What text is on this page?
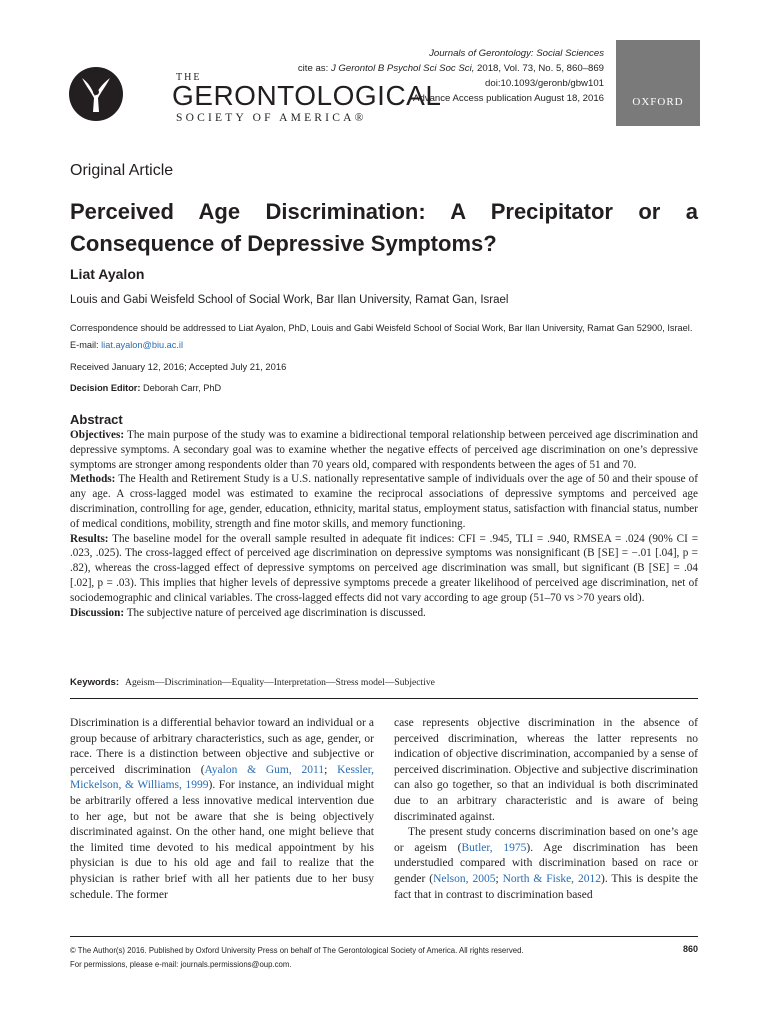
THE
GERONTOLOGICAL
SOCIETY OF AMERICA®
Journals of Gerontology: Social Sciences
cite as: J Gerontol B Psychol Sci Soc Sci, 2018, Vol. 73, No. 5, 860–869
doi:10.1093/geronb/gbw101
Advance Access publication August 18, 2016	OXFORD
Original Article
Perceived Age Discrimination: A Precipitator or a Consequence of Depressive Symptoms?
Liat Ayalon
Louis and Gabi Weisfeld School of Social Work, Bar Ilan University, Ramat Gan, Israel
Correspondence should be addressed to Liat Ayalon, PhD, Louis and Gabi Weisfeld School of Social Work, Bar Ilan University, Ramat Gan 52900, Israel. E-mail: liat.ayalon@biu.ac.il
Received January 12, 2016; Accepted July 21, 2016
Decision Editor: Deborah Carr, PhD
Abstract

Objectives: The main purpose of the study was to examine a bidirectional temporal relationship between perceived age discrimination and depressive symptoms. A secondary goal was to examine whether the negative effects of perceived age discrimination on one’s depressive symptoms are stronger among respondents older than 70 years old, compared with respondents between the ages of 51 and 70.

Methods: The Health and Retirement Study is a U.S. nationally representative sample of individuals over the age of 50 and their spouse of any age. A cross-lagged model was estimated to examine the reciprocal associations of depressive symptoms and perceived age discrimination, controlling for age, gender, education, ethnicity, marital status, employment status, satisfaction with financial status, number of medical conditions, mobility, strength and fine motor skills, and memory functioning.

Results: The baseline model for the overall sample resulted in adequate fit indices: CFI = .945, TLI = .940, RMSEA = .024 (90% CI = .023, .025). The cross-lagged effect of perceived age discrimination on depressive symptoms was nonsignificant (B [SE] = −.01 [.04], p = .82), whereas the cross-lagged effect of depressive symptoms on perceived age discrimination was small, but significant (B [SE] = .04 [.02], p = .03). This implies that higher levels of depressive symptoms precede a greater likelihood of perceived age discrimination, net of sociodemographic and clinical variables. The cross-lagged effects did not vary according to age group (51–70 vs >70 years old).

Discussion: The subjective nature of perceived age discrimination is discussed.

Keywords: Ageism—Discrimination—Equality—Interpretation—Stress model—Subjective

Discrimination is a differential behavior toward an individual or a group because of arbitrary characteristics, such as age, gender, or race. There is a distinction between objective and subjective or perceived discrimination (Ayalon & Gum, 2011; Kessler, Mickelson, & Williams, 1999). For instance, an individual might be arbitrarily offered a less innovative medical intervention due to her age, but not be aware that she is being objectively discriminated against. On the other hand, one might believe that the limited time devoted to his medical appointment by his physician is due to his old age and fail to realize that the physician is rather brief with all her patients due to her busy schedule. The former

case represents objective discrimination in the absence of perceived discrimination, whereas the latter represents no indication of objective discrimination, accompanied by a sense of perceived discrimination. Objective and subjective discrimination can also go together, so that an individual is both discriminated due to an arbitrary characteristic and is aware of being discriminated against.

The present study concerns discrimination based on one’s age or ageism (Butler, 1975). Age discrimination has been understudied compared with discrimination based on race or gender (Nelson, 2005; North & Fiske, 2012). This is despite the fact that in contrast to discrimination based

© The Author(s) 2016. Published by Oxford University Press on behalf of The Gerontological Society of America. All rights reserved.
For permissions, please e-mail: journals.permissions@oup.com.
860
